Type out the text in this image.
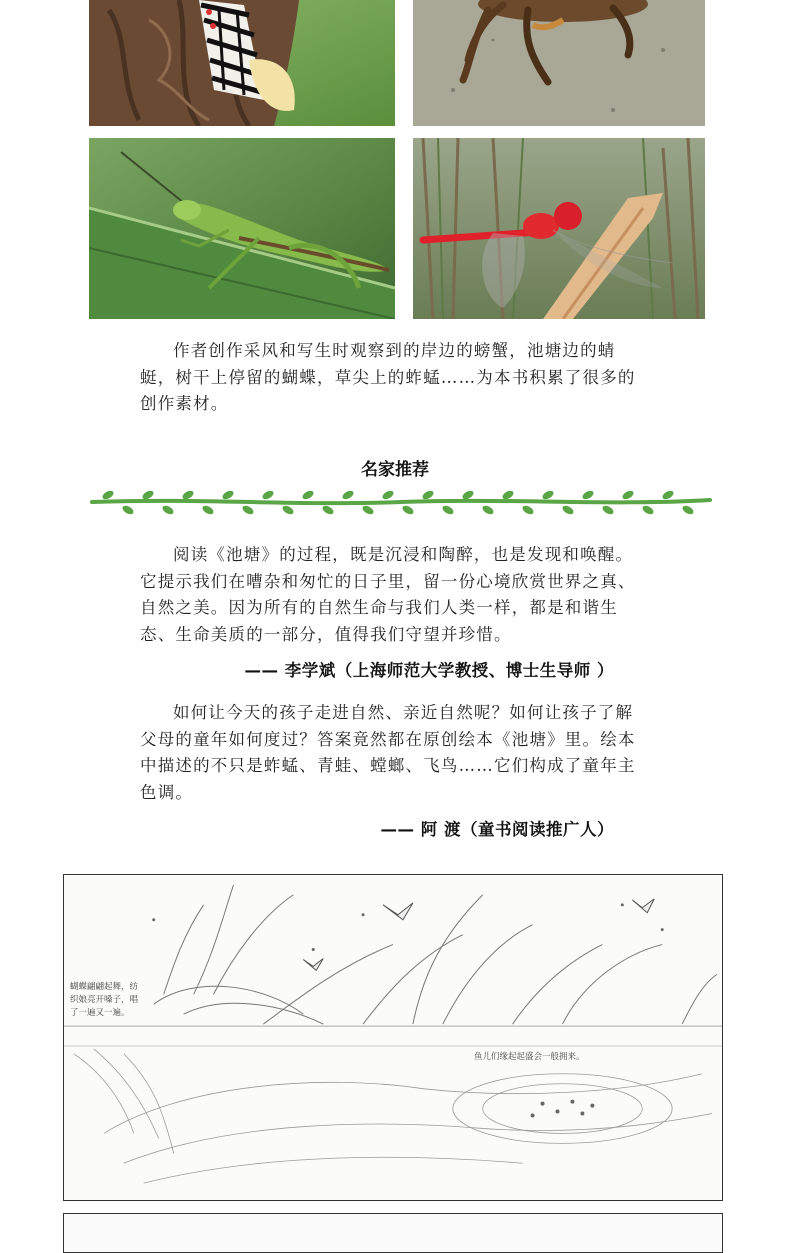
作者创作采风和写生时观察到的岸边的螃蟹，池塘边的蜻蜓，树干上停留的蝴蝶，草尖上的蚱蜢……为本书积累了很多的创作素材。

名家推荐

阅读《池塘》的过程，既是沉浸和陶醉，也是发现和唤醒。它提示我们在嘈杂和匆忙的日子里，留一份心境欣赏世界之真、自然之美。因为所有的自然生命与我们人类一样，都是和谐生态、生命美质的一部分，值得我们守望并珍惜。

—— 李学斌（上海师范大学教授、博士生导师 ）

如何让今天的孩子走进自然、亲近自然呢？如何让孩子了解父母的童年如何度过？答案竟然都在原创绘本《池塘》里。绘本中描述的不只是蚱蜢、青蛙、螳螂、飞鸟……它们构成了童年主色调。

—— 阿 渡（童书阅读推广人）
蝴蝶翩翩起舞，纺织娘亮开嗓子，唱了一遍又一遍。
鱼儿们缘起起盛会一般拥来。
